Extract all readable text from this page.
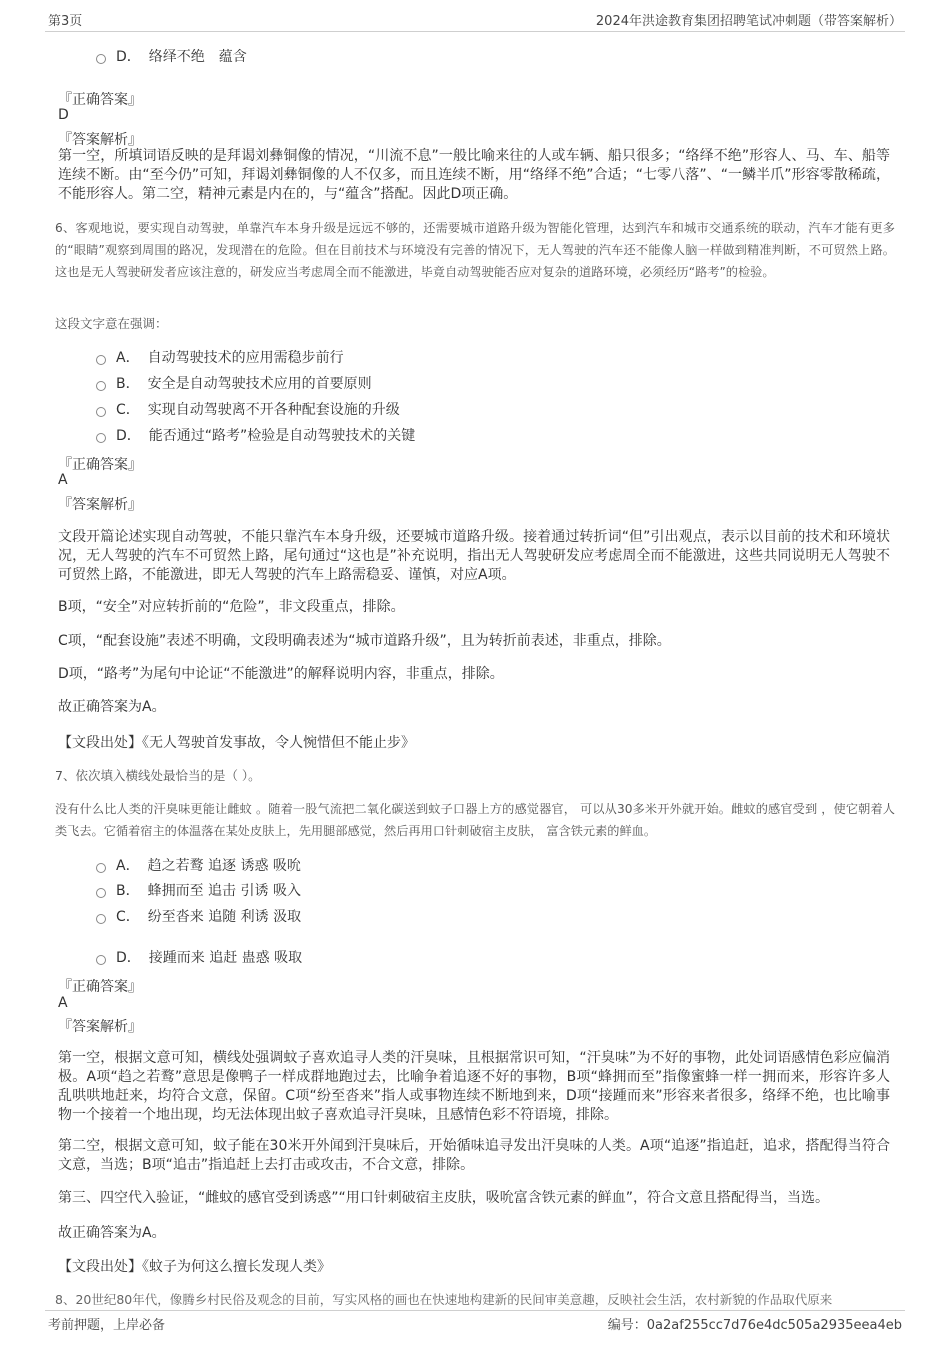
第3页	2024年洪途教育集团招聘笔试冲刺题（带答案解析）
D． 络绎不绝　蕴含
『正确答案』
D
『答案解析』
第一空，所填词语反映的是拜谒刘彝铜像的情况，“川流不息”一般比喻来往的人或车辆、船只很多；“络绎不绝”形容人、马、车、船等连续不断。由“至今仍”可知，拜谒刘彝铜像的人不仅多，而且连续不断，用“络绎不绝”合适；“七零八落”、“一鳞半爪”形容零散稀疏，不能形容人。第二空，精神元素是内在的，与“蕴含”搭配。因此D项正确。
6、客观地说，要实现自动驾驶，单靠汽车本身升级是远远不够的，还需要城市道路升级为智能化管理，达到汽车和城市交通系统的联动，汽车才能有更多的“眼睛”观察到周围的路况，发现潜在的危险。但在目前技术与环境没有完善的情况下，无人驾驶的汽车还不能像人脑一样做到精准判断，不可贸然上路。这也是无人驾驶研发者应该注意的，研发应当考虑周全而不能激进，毕竟自动驾驶能否应对复杂的道路环境，必须经历“路考”的检验。
这段文字意在强调：
A． 自动驾驶技术的应用需稳步前行
B． 安全是自动驾驶技术应用的首要原则
C． 实现自动驾驶离不开各种配套设施的升级
D． 能否通过“路考”检验是自动驾驶技术的关键
『正确答案』
A
『答案解析』
文段开篇论述实现自动驾驶，不能只靠汽车本身升级，还要城市道路升级。接着通过转折词“但”引出观点，表示以目前的技术和环境状况，无人驾驶的汽车不可贸然上路，尾句通过“这也是”补充说明，指出无人驾驶研发应考虑周全而不能激进，这些共同说明无人驾驶不可贸然上路，不能激进，即无人驾驶的汽车上路需稳妥、谨慎，对应A项。
B项，“安全”对应转折前的“危险”，非文段重点，排除。
C项，“配套设施”表述不明确，文段明确表述为“城市道路升级”，且为转折前表述，非重点，排除。
D项，“路考”为尾句中论证“不能激进”的解释说明内容，非重点，排除。
故正确答案为A。
【文段出处】《无人驾驶首发事故，令人惋惜但不能止步》
7、依次填入横线处最恰当的是（ ）。
没有什么比人类的汗臭味更能让雌蚊 。随着一股气流把二氧化碳送到蚊子口器上方的感觉器官， 可以从30多米开外就开始。雌蚊的感官受到 ，使它朝着人类飞去。它循着宿主的体温落在某处皮肤上，先用腿部感觉，然后再用口针刺破宿主皮肤， 富含铁元素的鲜血。
A． 趋之若鹜 追逐 诱惑 吸吮
B． 蜂拥而至 追击 引诱 吸入
C． 纷至沓来 追随 利诱 汲取
D． 接踵而来 追赶 蛊惑 吸取
『正确答案』
A
『答案解析』
第一空，根据文意可知，横线处强调蚊子喜欢追寻人类的汗臭味，且根据常识可知，“汗臭味”为不好的事物，此处词语感情色彩应偏消极。A项“趋之若鹜”意思是像鸭子一样成群地跑过去，比喻争着追逐不好的事物，B项“蜂拥而至”指像蜜蜂一样一拥而来，形容许多人乱哄哄地赶来，均符合文意，保留。C项“纷至沓来”指人或事物连续不断地到来，D项“接踵而来”形容来者很多，络绎不绝，也比喻事物一个接着一个地出现，均无法体现出蚊子喜欢追寻汗臭味，且感情色彩不符语境，排除。
第二空，根据文意可知，蚊子能在30米开外闻到汗臭味后，开始循味追寻发出汗臭味的人类。A项“追逐”指追赶，追求，搭配得当符合文意，当选；B项“追击”指追赶上去打击或攻击，不合文意，排除。
第三、四空代入验证，“雌蚊的感官受到诱惑”“用口针刺破宿主皮肤，吸吮富含铁元素的鲜血”，符合文意且搭配得当，当选。
故正确答案为A。
【文段出处】《蚊子为何这么擅长发现人类》
8、20世纪80年代，像腾乡村民俗及观念的目前，写实风格的画也在快速地构建新的民间审美意趣，反映社会生活，农村新貌的作品取代原来
考前押题，上岸必备	编号：0a2af255cc7d76e4dc505a2935eea4eb
